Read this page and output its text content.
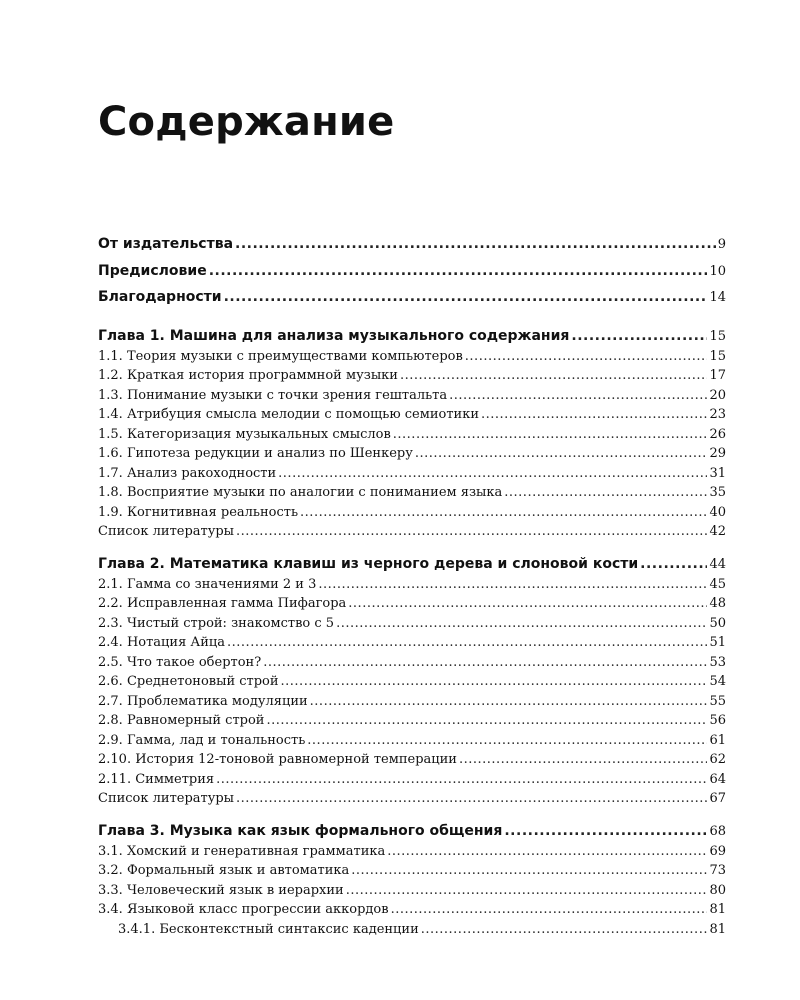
Содержание
От издательства .....	9
Предисловие .....	10
Благодарности .....	14
Глава 1. Машина для анализа музыкального содержания .....	15
1.1. Теория музыки с преимуществами компьютеров .....	15
1.2. Краткая история программной музыки .....	17
1.3. Понимание музыки с точки зрения гештальта .....	20
1.4. Атрибуция смысла мелодии с помощью семиотики .....	23
1.5. Категоризация музыкальных смыслов .....	26
1.6. Гипотеза редукции и анализ по Шенкеру .....	29
1.7. Анализ ракоходности .....	31
1.8. Восприятие музыки по аналогии с пониманием языка .....	35
1.9. Когнитивная реальность .....	40
Список литературы .....	42
Глава 2. Математика клавиш из черного дерева и слоновой кости .....	44
2.1. Гамма со значениями 2 и 3 .....	45
2.2. Исправленная гамма Пифагора .....	48
2.3. Чистый строй: знакомство с 5 .....	50
2.4. Нотация Айца .....	51
2.5. Что такое обертон? .....	53
2.6. Среднетоновый строй .....	54
2.7. Проблематика модуляции .....	55
2.8. Равномерный строй .....	56
2.9. Гамма, лад и тональность .....	61
2.10. История 12-тоновой равномерной темперации .....	62
2.11. Симметрия .....	64
Список литературы .....	67
Глава 3. Музыка как язык формального общения .....	68
3.1. Хомский и генеративная грамматика .....	69
3.2. Формальный язык и автоматика .....	73
3.3. Человеческий язык в иерархии .....	80
3.4. Языковой класс прогрессии аккордов .....	81
3.4.1. Бесконтекстный синтаксис каденции .....	81
